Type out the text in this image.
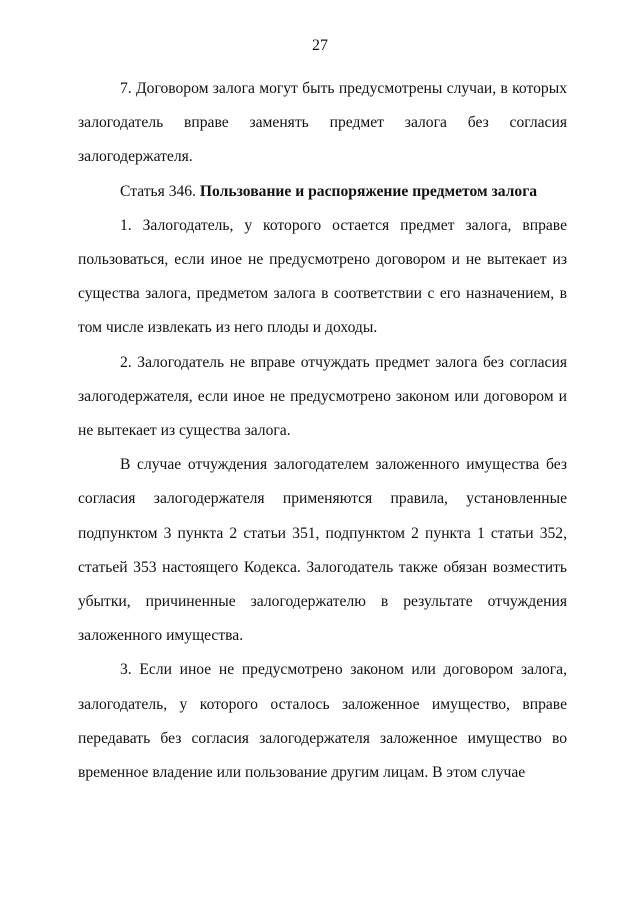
27

7. Договором залога могут быть предусмотрены случаи, в которых залогодатель вправе заменять предмет залога без согласия залогодержателя.

Статья 346. Пользование и распоряжение предметом залога

1. Залогодатель, у которого остается предмет залога, вправе пользоваться, если иное не предусмотрено договором и не вытекает из существа залога, предметом залога в соответствии с его назначением, в том числе извлекать из него плоды и доходы.

2. Залогодатель не вправе отчуждать предмет залога без согласия залогодержателя, если иное не предусмотрено законом или договором и не вытекает из существа залога.

В случае отчуждения залогодателем заложенного имущества без согласия залогодержателя применяются правила, установленные подпунктом 3 пункта 2 статьи 351, подпунктом 2 пункта 1 статьи 352, статьей 353 настоящего Кодекса. Залогодатель также обязан возместить убытки, причиненные залогодержателю в результате отчуждения заложенного имущества.

3. Если иное не предусмотрено законом или договором залога, залогодатель, у которого осталось заложенное имущество, вправе передавать без согласия залогодержателя заложенное имущество во временное владение или пользование другим лицам. В этом случае
